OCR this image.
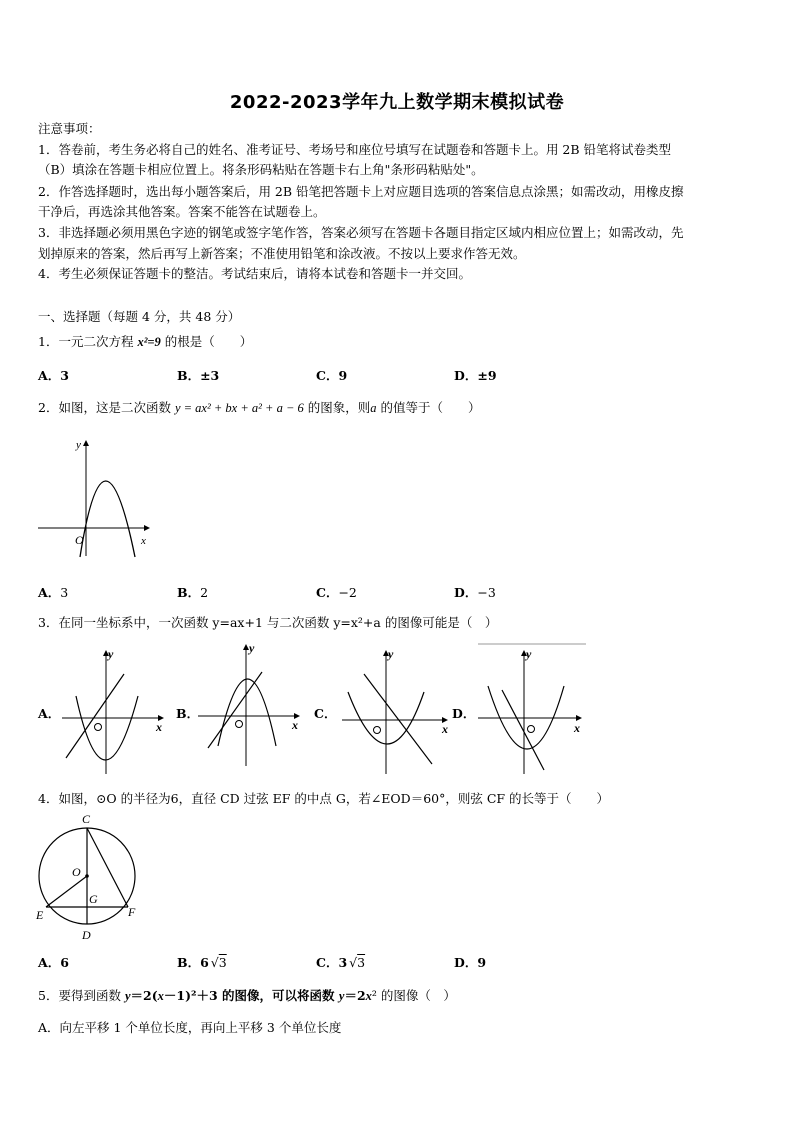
2022-2023学年九上数学期末模拟试卷
注意事项：
1．答卷前，考生务必将自己的姓名、准考证号、考场号和座位号填写在试题卷和答题卡上。用 2B 铅笔将试卷类型
（B）填涂在答题卡相应位置上。将条形码粘贴在答题卡右上角"条形码粘贴处"。
2．作答选择题时，选出每小题答案后，用 2B 铅笔把答题卡上对应题目选项的答案信息点涂黑；如需改动，用橡皮擦
干净后，再选涂其他答案。答案不能答在试题卷上。
3．非选择题必须用黑色字迹的钢笔或签字笔作答，答案必须写在答题卡各题目指定区域内相应位置上；如需改动，先
划掉原来的答案，然后再写上新答案；不准使用铅笔和涂改液。不按以上要求作答无效。
4．考生必须保证答题卡的整洁。考试结束后，请将本试卷和答题卡一并交回。
一、选择题（每题 4 分，共 48 分）
1．一元二次方程 x²=9 的根是（　　）
A．3	B．±3	C．9	D．±9
2．如图，这是二次函数 y = ax² + bx + a² + a − 6 的图象，则a 的值等于（　　）
y
x
O
A．3	B．2	C．−2	D．−3
3．在同一坐标系中，一次函数 y=ax+1 与二次函数 y=x²+a 的图像可能是（　）
A．
y
x
B．
y
x
C．
y
x
D．
y
x
4．如图，⊙O 的半径为6，直径 CD 过弦 EF 的中点 G，若∠EOD＝60°，则弦 CF 的长等于（　　）
C
O
G
E	F
D
A．6	B．6 √3	C．3 √3	D．9
5．要得到函数 y＝2(x－1)²＋3 的图像，可以将函数 y＝2x² 的图像（　）
A．向左平移 1 个单位长度，再向上平移 3 个单位长度
